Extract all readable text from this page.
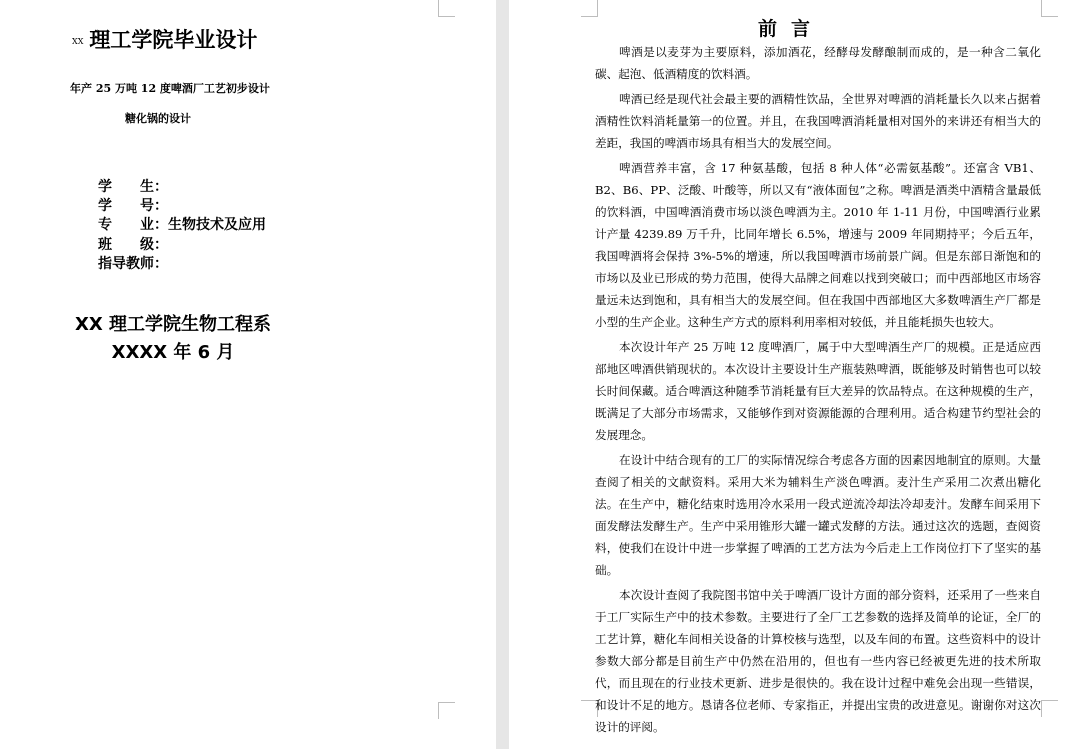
XX 理工学院毕业设计
年产 25 万吨 12 度啤酒厂工艺初步设计
糖化锅的设计
学　　生：
学　　号：
专　　业：生物技术及应用
班　　级：
指导教师：
XX 理工学院生物工程系
XXXX 年 6 月
前言

啤酒是以麦芽为主要原料，添加酒花，经酵母发酵酿制而成的，是一种含二氧化碳、起泡、低酒精度的饮料酒。

啤酒已经是现代社会最主要的酒精性饮品，全世界对啤酒的消耗量长久以来占据着酒精性饮料消耗量第一的位置。并且，在我国啤酒消耗量相对国外的来讲还有相当大的差距，我国的啤酒市场具有相当大的发展空间。

啤酒营养丰富，含 17 种氨基酸，包括 8 种人体“必需氨基酸”。还富含 VB1、B2、B6、PP、泛酸、叶酸等，所以又有“液体面包”之称。啤酒是酒类中酒精含量最低的饮料酒，中国啤酒消费市场以淡色啤酒为主。2010 年 1-11 月份，中国啤酒行业累计产量 4239.89 万千升，比同年增长 6.5%，增速与 2009 年同期持平；今后五年，我国啤酒将会保持 3%-5%的增速，所以我国啤酒市场前景广阔。但是东部日渐饱和的市场以及业已形成的势力范围，使得大品牌之间难以找到突破口；而中西部地区市场容量远未达到饱和，具有相当大的发展空间。但在我国中西部地区大多数啤酒生产厂都是小型的生产企业。这种生产方式的原料利用率相对较低，并且能耗损失也较大。

本次设计年产 25 万吨 12 度啤酒厂，属于中大型啤酒生产厂的规模。正是适应西部地区啤酒供销现状的。本次设计主要设计生产瓶装熟啤酒，既能够及时销售也可以较长时间保藏。适合啤酒这种随季节消耗量有巨大差异的饮品特点。在这种规模的生产，既满足了大部分市场需求，又能够作到对资源能源的合理利用。适合构建节约型社会的发展理念。

在设计中结合现有的工厂的实际情况综合考虑各方面的因素因地制宜的原则。大量查阅了相关的文献资料。采用大米为辅料生产淡色啤酒。麦汁生产采用二次煮出糖化法。在生产中，糖化结束时选用冷水采用一段式逆流冷却法冷却麦汁。发酵车间采用下面发酵法发酵生产。生产中采用锥形大罐一罐式发酵的方法。通过这次的选题，查阅资料，使我们在设计中进一步掌握了啤酒的工艺方法为今后走上工作岗位打下了坚实的基础。

本次设计查阅了我院图书馆中关于啤酒厂设计方面的部分资料，还采用了一些来自于工厂实际生产中的技术参数。主要进行了全厂工艺参数的选择及简单的论证，全厂的工艺计算，糖化车间相关设备的计算校核与选型，以及车间的布置。这些资料中的设计参数大部分都是目前生产中仍然在沿用的，但也有一些内容已经被更先进的技术所取代，而且现在的行业技术更新、进步是很快的。我在设计过程中难免会出现一些错误，和设计不足的地方。恳请各位老师、专家指正，并提出宝贵的改进意见。谢谢你对这次设计的评阅。
